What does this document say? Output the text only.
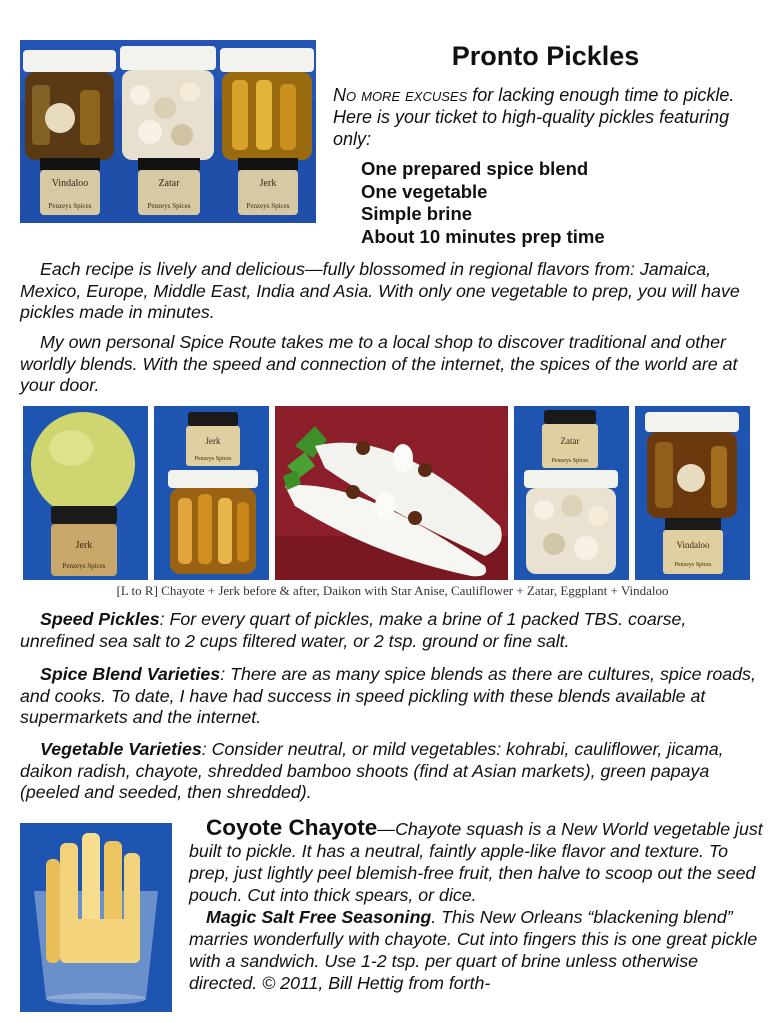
Vindaloo	Zatar	Jerk
Penzeys Spices	Penzeys Spices	Penzeys Spices
Pronto Pickles
No more excuses for lacking enough time to pickle. Here is your ticket to high-quality pickles featuring only:
One prepared spice blend
One vegetable
Simple brine
About 10 minutes prep time
Each recipe is lively and delicious—fully blossomed in regional flavors from: Jamaica, Mexico, Europe, Middle East, India and Asia. With only one vegetable to prep, you will have pickles made in minutes.
My own personal Spice Route takes me to a local shop to discover traditional and other worldly blends. With the speed and connection of the internet, the spices of the world are at your door.
Jerk
Penzeys Spices
Jerk
Penzeys Spices
Zatar
Penzeys Spices
Vindaloo
Penzeys Spices
[L to R] Chayote + Jerk before & after, Daikon with Star Anise, Cauliflower + Zatar, Eggplant + Vindaloo
Speed Pickles: For every quart of pickles, make a brine of 1 packed TBS. coarse, unrefined sea salt to 2 cups filtered water, or 2 tsp. ground or fine salt.
Spice Blend Varieties: There are as many spice blends as there are cultures, spice roads, and cooks. To date, I have had success in speed pickling with these blends available at supermarkets and the internet.
Vegetable Varieties: Consider neutral, or mild vegetables: kohrabi, cauliflower, jicama, daikon radish, chayote, shredded bamboo shoots (find at Asian markets), green papaya (peeled and seeded, then shredded).
Coyote Chayote—Chayote squash is a New World vegetable just built to pickle. It has a neutral, faintly apple-like flavor and texture. To prep, just lightly peel blemish-free fruit, then halve to scoop out the seed pouch. Cut into thick spears, or dice.
Magic Salt Free Seasoning. This New Orleans “blackening blend” marries wonderfully with chayote. Cut into fingers this is one great pickle with a sandwich. Use 1-2 tsp. per quart of brine unless otherwise directed. © 2011, Bill Hettig from forth-
